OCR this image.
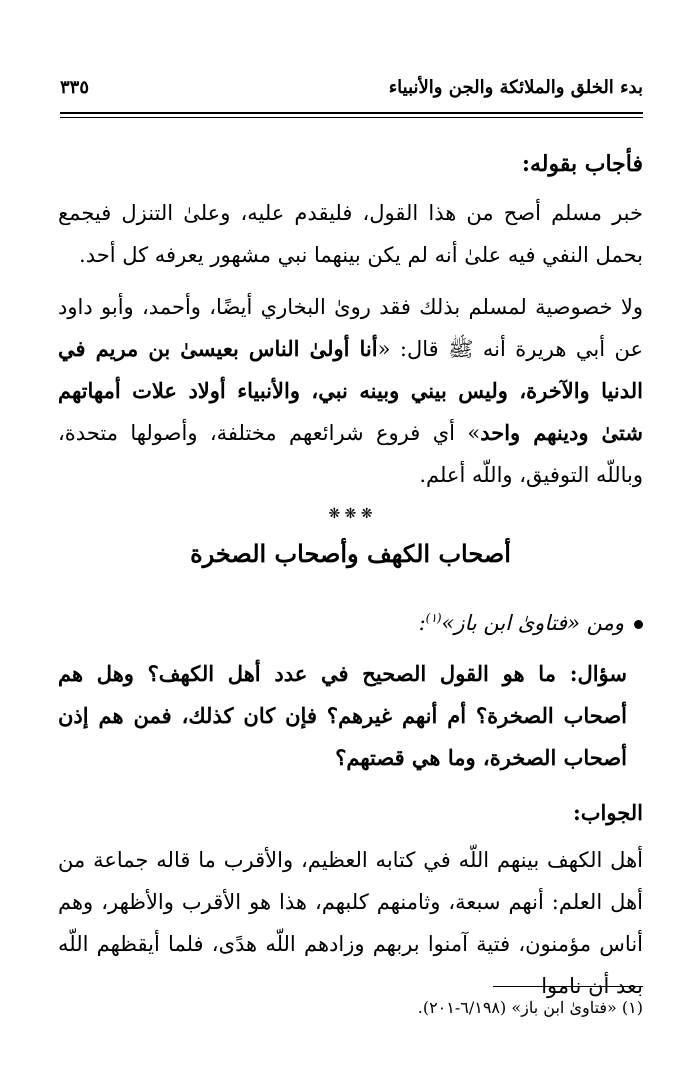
بدء الخلق والملائكة والجن والأنبياء
٣٣٥
فأجاب بقوله:

خبر مسلم أصح من هذا القول، فليقدم عليه، وعلىٰ التنزل فيجمع بحمل النفي فيه علىٰ أنه لم يكن بينهما نبي مشهور يعرفه كل أحد.

ولا خصوصية لمسلم بذلك فقد روىٰ البخاري أيضًا، وأحمد، وأبو داود عن أبي هريرة أنه ﷺ قال: «أنا أولىٰ الناس بعيسىٰ بن مريم في الدنيا والآخرة، وليس بيني وبينه نبي، والأنبياء أولاد علات أمهاتهم شتىٰ ودينهم واحد» أي فروع شرائعهم مختلفة، وأصولها متحدة، وباللّه التوفيق، واللّه أعلم.

❋ ❋ ❋
أصحاب الكهف وأصحاب الصخرة
ومن «فتاوىٰ ابن باز»$^{(١)}$:

سؤال: ما هو القول الصحيح في عدد أهل الكهف؟ وهل هم أصحاب الصخرة؟ أم أنهم غيرهم؟ فإن كان كذلك، فمن هم إذن أصحاب الصخرة، وما هي قصتهم؟

الجواب:

أهل الكهف بينهم اللّه في كتابه العظيم، والأقرب ما قاله جماعة من أهل العلم: أنهم سبعة، وثامنهم كلبهم، هذا هو الأقرب والأظهر، وهم أناس مؤمنون، فتية آمنوا بربهم وزادهم اللّه هدًى، فلما أيقظهم اللّه بعد أن ناموا

(١) «فتاوىٰ ابن باز» (٦/١٩٨-٢٠١).
